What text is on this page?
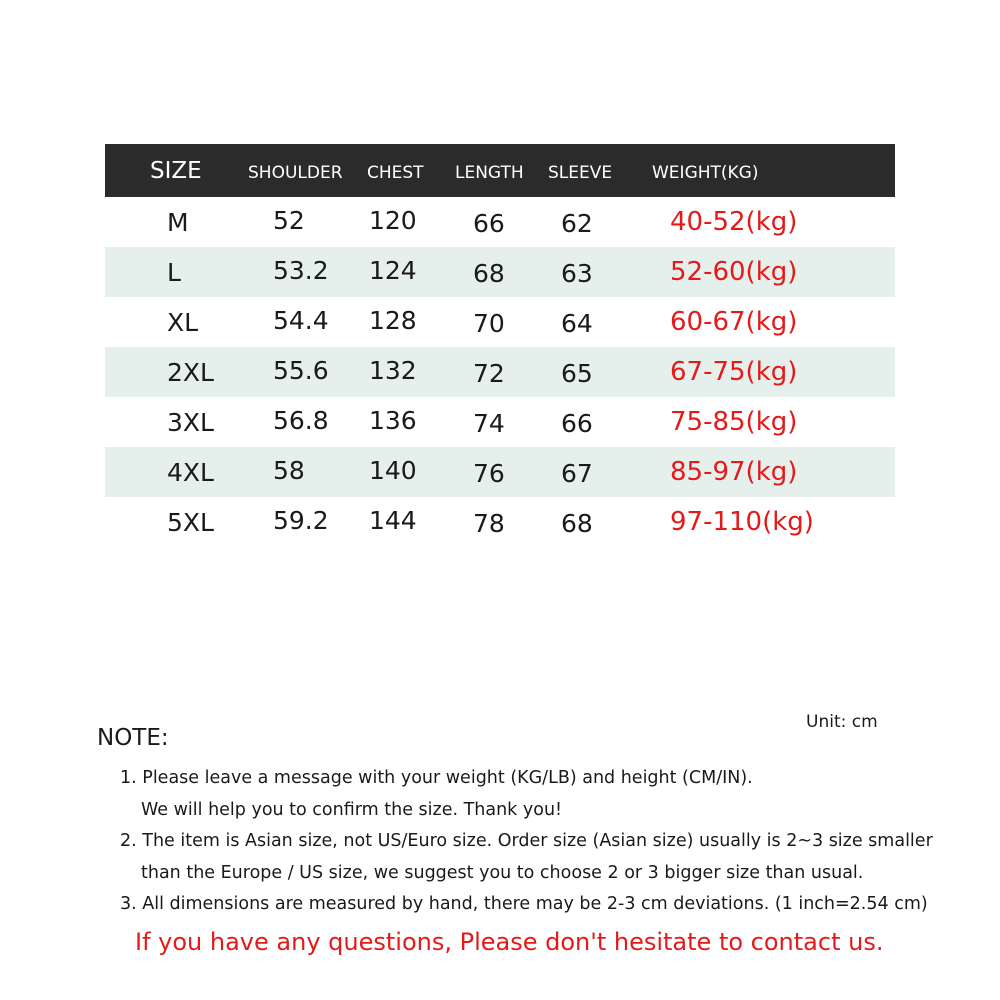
SIZE	SHOULDER CHEST LENGTH SLEEVE WEIGHT(KG)
M	52	120 66 62	40-52(kg)
L	53.2 124 68 63	52-60(kg)
XL	54.4 128 70 64	60-67(kg)
2XL 55.6 132 72 65	67-75(kg)
3XL 56.8 136 74 66	75-85(kg)
4XL 58	140 76 67	85-97(kg)
5XL 59.2 144 78 68	97-110(kg)
Unit: cm
NOTE:
1. Please leave a message with your weight (KG/LB) and height (CM/IN).
We will help you to confirm the size. Thank you!
2. The item is Asian size, not US/Euro size. Order size (Asian size) usually is 2~3 size smaller
than the Europe / US size, we suggest you to choose 2 or 3 bigger size than usual.
3. All dimensions are measured by hand, there may be 2-3 cm deviations. (1 inch=2.54 cm)
If you have any questions, Please don't hesitate to contact us.
